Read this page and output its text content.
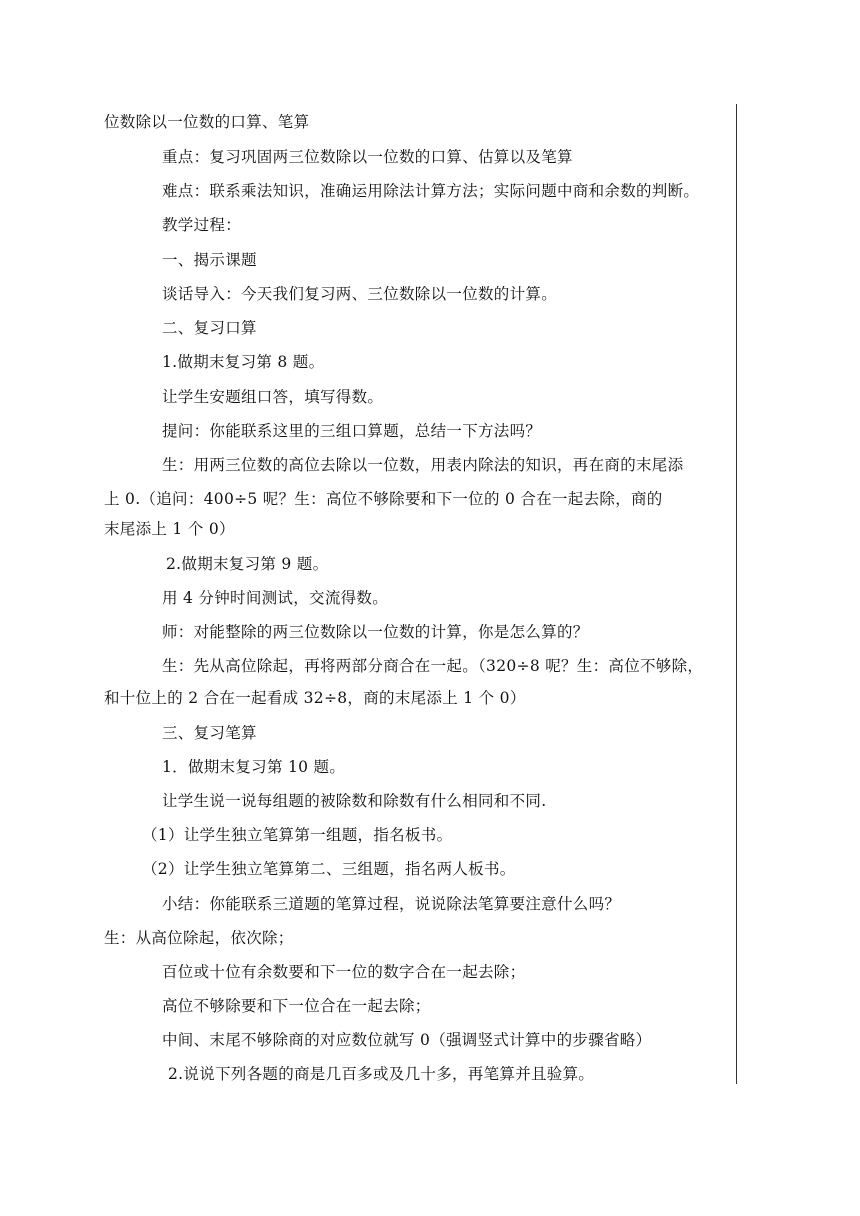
位数除以一位数的口算、笔算
重点：复习巩固两三位数除以一位数的口算、估算以及笔算
难点：联系乘法知识，准确运用除法计算方法；实际问题中商和余数的判断。
教学过程：
一、揭示课题
谈话导入：今天我们复习两、三位数除以一位数的计算。
二、复习口算
1.做期末复习第 8 题。
让学生安题组口答，填写得数。
提问：你能联系这里的三组口算题，总结一下方法吗？
生：用两三位数的高位去除以一位数，用表内除法的知识，再在商的末尾添
上 0.（追问：400÷5 呢？生：高位不够除要和下一位的 0 合在一起去除，商的
末尾添上 1 个 0）
2.做期末复习第 9 题。
用 4 分钟时间测试，交流得数。
师：对能整除的两三位数除以一位数的计算，你是怎么算的？
生：先从高位除起，再将两部分商合在一起。（320÷8 呢？生：高位不够除，
和十位上的 2 合在一起看成 32÷8，商的末尾添上 1 个 0）
三、复习笔算
1．做期末复习第 10 题。
让学生说一说每组题的被除数和除数有什么相同和不同.
（1）让学生独立笔算第一组题，指名板书。
（2）让学生独立笔算第二、三组题，指名两人板书。
小结：你能联系三道题的笔算过程，说说除法笔算要注意什么吗？
生：从高位除起，依次除；
百位或十位有余数要和下一位的数字合在一起去除；
高位不够除要和下一位合在一起去除；
中间、末尾不够除商的对应数位就写 0（强调竖式计算中的步骤省略）
2.说说下列各题的商是几百多或及几十多，再笔算并且验算。
